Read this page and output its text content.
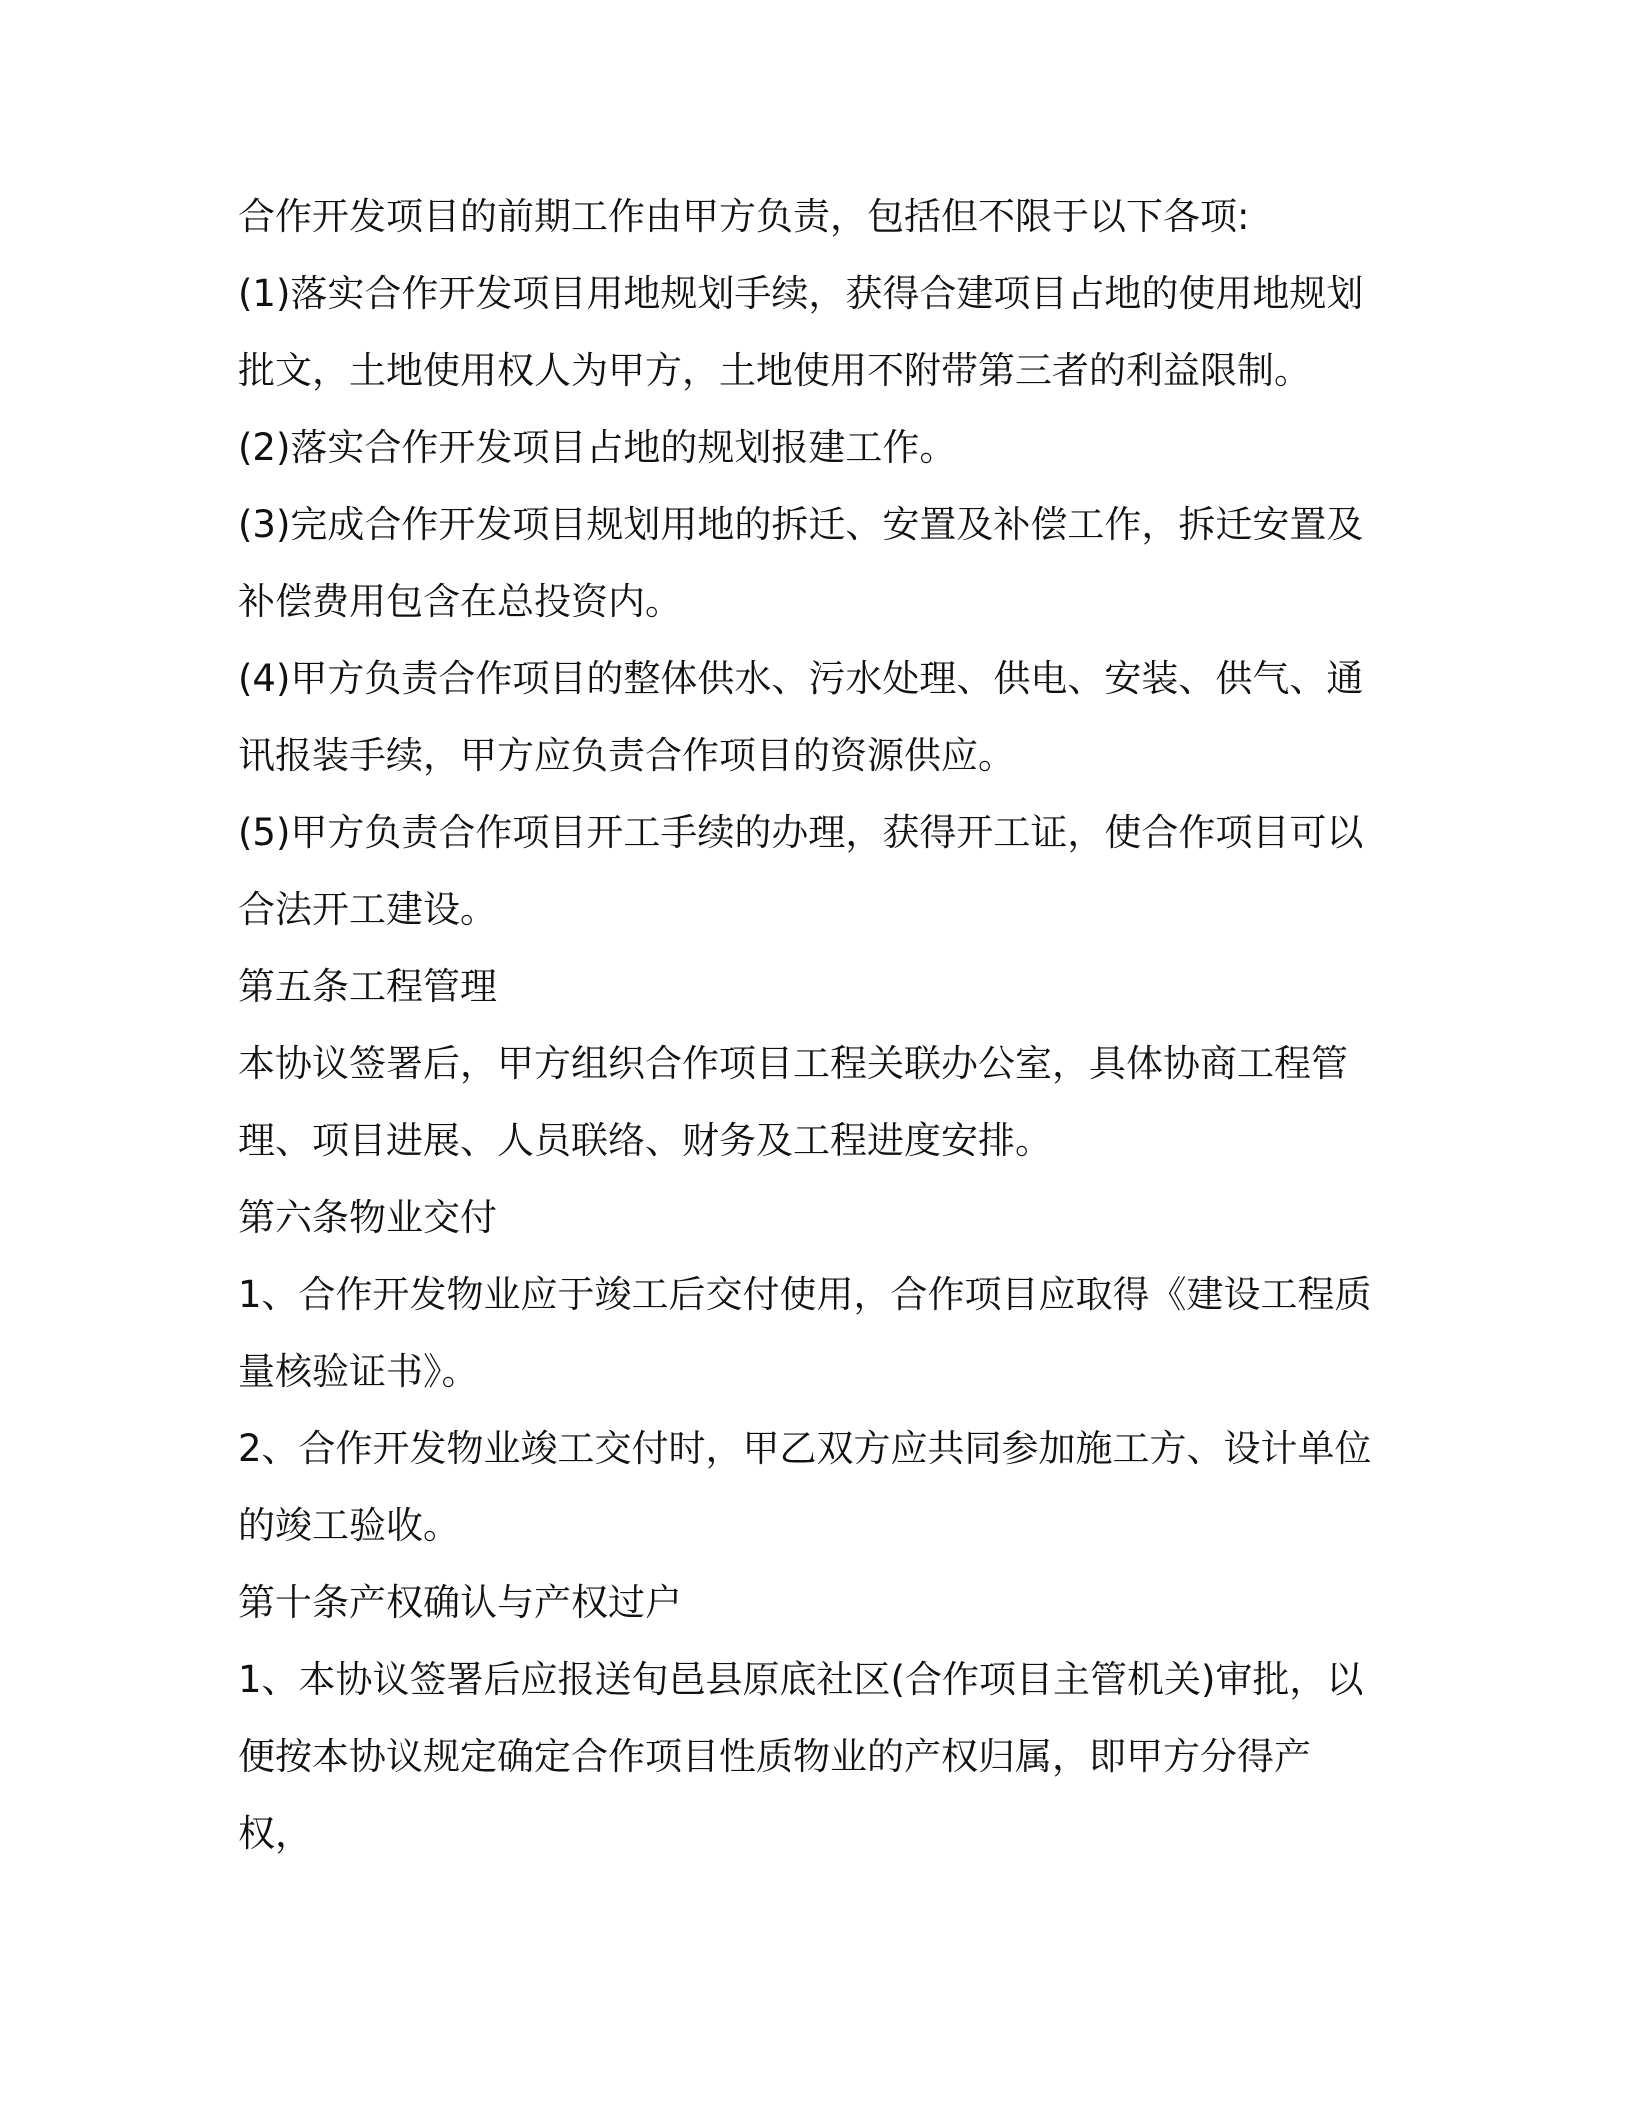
合作开发项目的前期工作由甲方负责，包括但不限于以下各项:
(1)落实合作开发项目用地规划手续，获得合建项目占地的使用地规划
批文，土地使用权人为甲方，土地使用不附带第三者的利益限制。
(2)落实合作开发项目占地的规划报建工作。
(3)完成合作开发项目规划用地的拆迁、安置及补偿工作，拆迁安置及
补偿费用包含在总投资内。
(4)甲方负责合作项目的整体供水、污水处理、供电、安装、供气、通
讯报装手续，甲方应负责合作项目的资源供应。
(5)甲方负责合作项目开工手续的办理，获得开工证，使合作项目可以
合法开工建设。
第五条工程管理
本协议签署后，甲方组织合作项目工程关联办公室，具体协商工程管
理、项目进展、人员联络、财务及工程进度安排。
第六条物业交付
1、合作开发物业应于竣工后交付使用，合作项目应取得《建设工程质
量核验证书》。
2、合作开发物业竣工交付时，甲乙双方应共同参加施工方、设计单位
的竣工验收。
第十条产权确认与产权过户
1、本协议签署后应报送旬邑县原底社区(合作项目主管机关)审批，以
便按本协议规定确定合作项目性质物业的产权归属，即甲方分得产
权，
